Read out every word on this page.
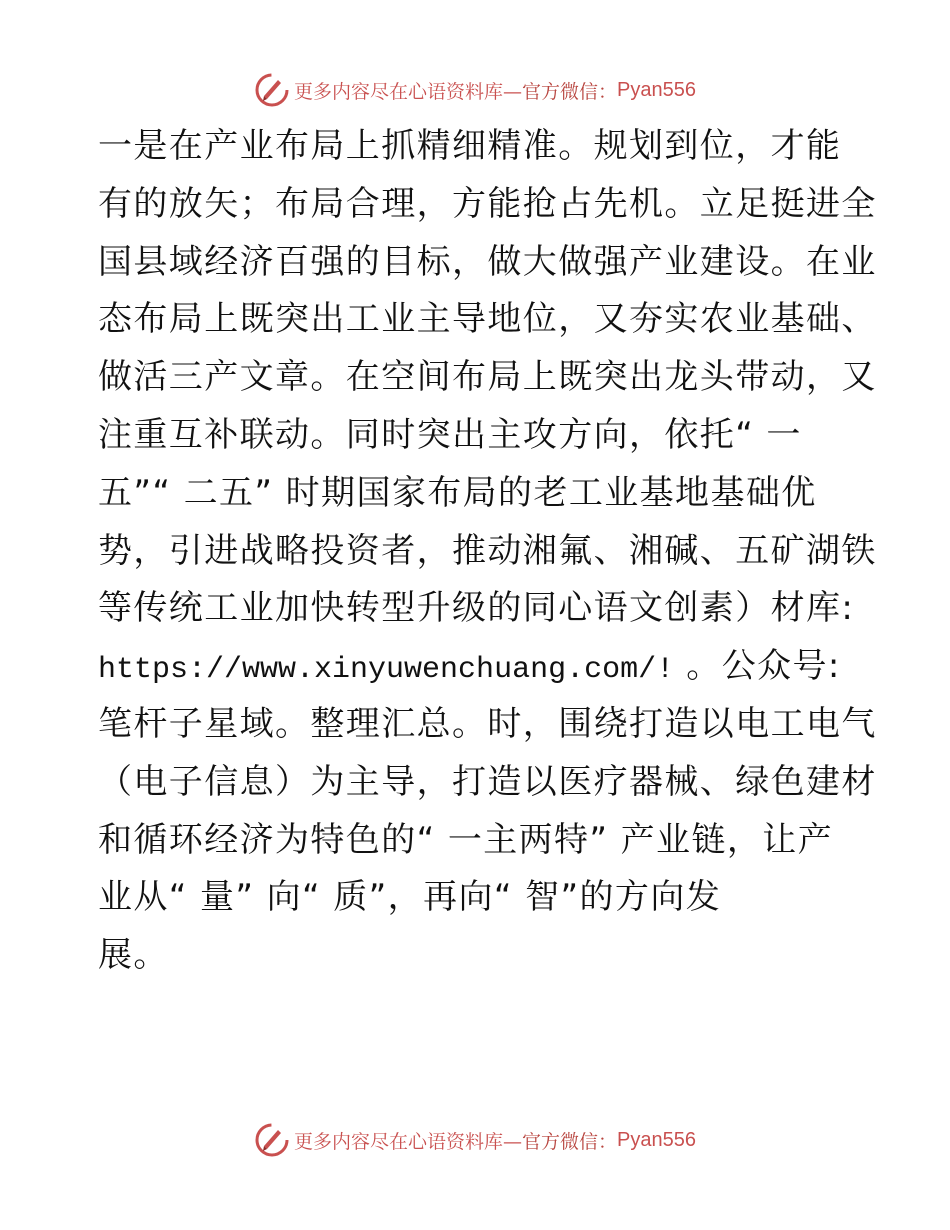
更多内容尽在心语资料库— 官方微信： Pyan556

一是在产业布局上抓精细精准。规划到位，才能

有的放矢；布局合理，方能抢占先机。立足挺进全

国县域经济百强的目标，做大做强产业建设。在业

态布局上既突出工业主导地位，又夯实农业基础、

做活三产文章。在空间布局上既突出龙头带动，又

注重互补联动。同时突出主攻方向，依托“ 一

五”“ 二五” 时期国家布局的老工业基地基础优

势，引进战略投资者，推动湘氟、湘碱、五矿湖铁

等传统工业加快转型升级的同心语文创素）材库:

https://www.xinyuwenchuang.com/! 。公众号:

笔杆子星域。整理汇总。时，围绕打造以电工电气

（电子信息）为主导，打造以医疗器械、绿色建材

和循环经济为特色的“ 一主两特” 产业链，让产

业从“ 量” 向“ 质”，再向“ 智”的方向发

展。

更多内容尽在心语资料库— 官方微信： Pyan556
